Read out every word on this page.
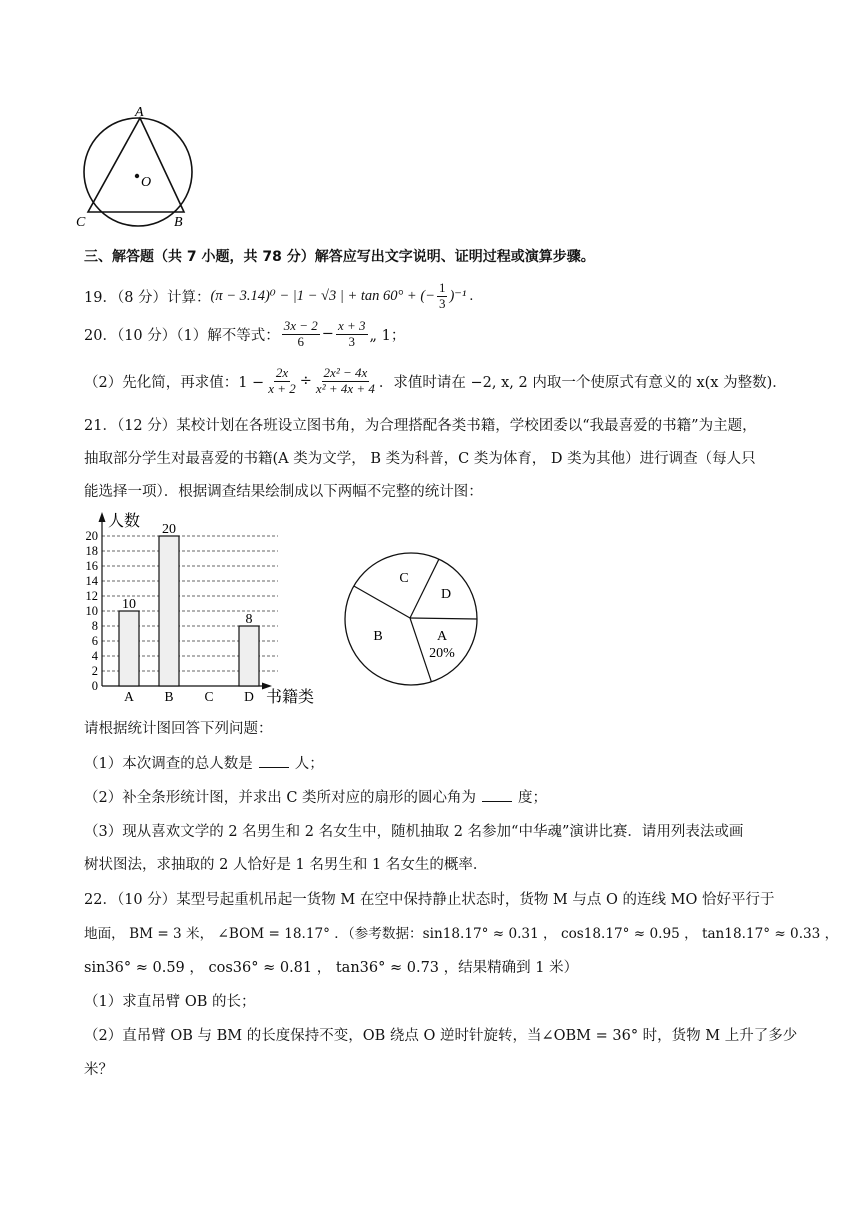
A
O
C	B
三、解答题（共 7 小题，共 78 分）解答应写出文字说明、证明过程或演算步骤。
19．（8 分）计算： (π − 3.14)⁰ − |1 − √3 | + tan 60° + (− $\frac{1}{3} )^{-1}$ .
20．（10 分）（1）解不等式： $\frac{3x - 2}{6} - \frac{x + 3}{3}$ „ 1；
（2）先化简，再求值：$1 - \frac{2x}{x + 2} \div \frac{\text{2x² − 4x}}{\text{x² + 4x + 4}}$ ．求值时请在 −2, x, 2 内取一个使原式有意义的 x(x 为整数)．
21．（12 分）某校计划在各班设立图书角，为合理搭配各类书籍，学校团委以“我最喜爱的书籍”为主题，
抽取部分学生对最喜爱的书籍(A 类为文学， B 类为科普，C 类为体育， D 类为其他）进行调查（每人只
能选择一项）．根据调查结果绘制成以下两幅不完整的统计图：
0
2
4
6
8
10
12
14
16
18
20
人数
书籍类
10
A
20
B C
8
D
A
20%
B
C
D
请根据统计图回答下列问题：
（1）本次调查的总人数是	人；
（2）补全条形统计图，并求出 C 类所对应的扇形的圆心角为	度；
（3）现从喜欢文学的 2 名男生和 2 名女生中，随机抽取 2 名参加“中华魂”演讲比赛．请用列表法或画
树状图法，求抽取的 2 人恰好是 1 名男生和 1 名女生的概率．
22．（10 分）某型号起重机吊起一货物 M 在空中保持静止状态时，货物 M 与点 O 的连线 MO 恰好平行于
地面， BM = 3 米， ∠BOM = 18.17° ．（参考数据：sin18.17° ≈ 0.31 ， cos18.17° ≈ 0.95 ， tan18.17° ≈ 0.33 ，
sin36° ≈ 0.59 ， cos36° ≈ 0.81 ， tan36° ≈ 0.73 ，结果精确到 1 米）
（1）求直吊臂 OB 的长；
（2）直吊臂 OB 与 BM 的长度保持不变，OB 绕点 O 逆时针旋转，当∠OBM = 36° 时，货物 M 上升了多少
米？
